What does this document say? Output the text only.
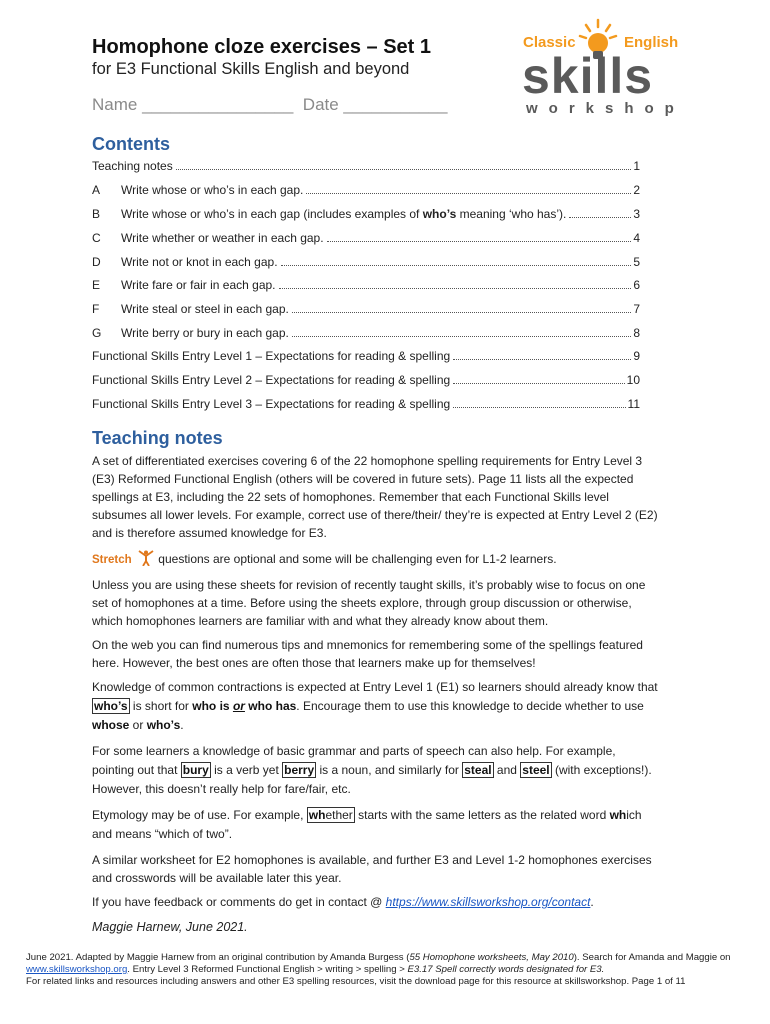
Homophone cloze exercises – Set 1
for E3 Functional Skills English and beyond
Name ________________  Date ___________
Classic	English
skills
workshop
Contents
Teaching notes	1
A	Write whose or who’s in each gap.	2
B	Write whose or who’s in each gap (includes examples of who’s meaning ‘who has’).	3
C	Write whether or weather in each gap.	4
D	Write not or knot in each gap.	5
E	Write fare or fair in each gap.	6
F	Write steal or steel in each gap.	7
G	Write berry or bury in each gap.	8
Functional Skills Entry Level 1 – Expectations for reading & spelling	9
Functional Skills Entry Level 2 – Expectations for reading & spelling	10
Functional Skills Entry Level 3 – Expectations for reading & spelling	11
Teaching notes
A set of differentiated exercises covering 6 of the 22 homophone spelling requirements for Entry Level 3 (E3) Reformed Functional English (others will be covered in future sets). Page 11 lists all the expected spellings at E3, including the 22 sets of homophones. Remember that each Functional Skills level subsumes all lower levels. For example, correct use of there/their/ they’re is expected at Entry Level 2 (E2) and is therefore assumed knowledge for E3.
Stretch  questions are optional and some will be challenging even for L1-2 learners.
Unless you are using these sheets for revision of recently taught skills, it’s probably wise to focus on one set of homophones at a time. Before using the sheets explore, through group discussion or otherwise, which homophones learners are familiar with and what they already know about them.
On the web you can find numerous tips and mnemonics for remembering some of the spellings featured here. However, the best ones are often those that learners make up for themselves!
Knowledge of common contractions is expected at Entry Level 1 (E1) so learners should already know that who’s is short for who is or who has. Encourage them to use this knowledge to decide whether to use whose or who’s.
For some learners a knowledge of basic grammar and parts of speech can also help. For example, pointing out that bury is a verb yet berry is a noun, and similarly for steal and steel (with exceptions!). However, this doesn’t really help for fare/fair, etc.
Etymology may be of use. For example, whether starts with the same letters as the related word which and means “which of two”.
A similar worksheet for E2 homophones is available, and further E3 and Level 1-2 homophones exercises and crosswords will be available later this year.
If you have feedback or comments do get in contact @ https://www.skillsworkshop.org/contact.
Maggie Harnew, June 2021.
June 2021. Adapted by Maggie Harnew from an original contribution by Amanda Burgess (55 Homophone worksheets, May 2010). Search for Amanda and Maggie on www.skillsworkshop.org. Entry Level 3 Reformed Functional English > writing > spelling > E3.17 Spell correctly words designated for E3.
For related links and resources including answers and other E3 spelling resources, visit the download page for this resource at skillsworkshop. Page 1 of 11
